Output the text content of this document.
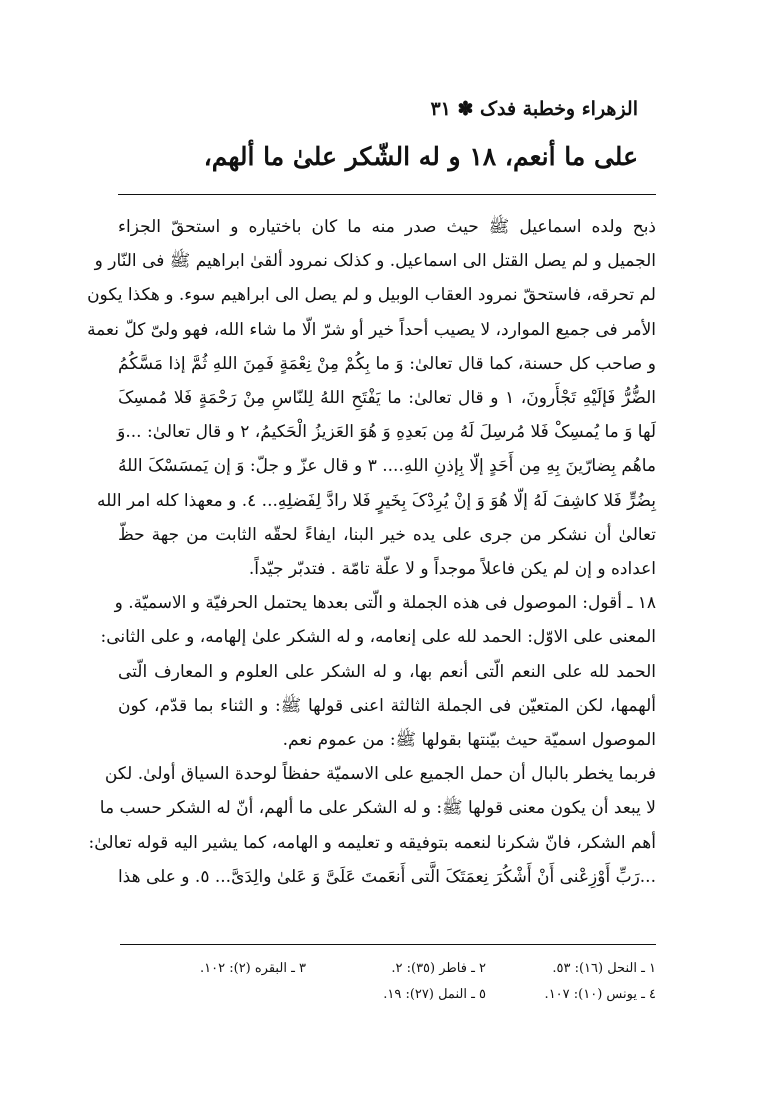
الزهراء وخطبة فدک ✽ ٣١
علی ما أنعم، ١٨ و له الشّکر علیٰ ما ألهم،
ذبح ولده اسماعیل ﷺ حیث صدر منه ما کان باختیاره و استحقّ الجزاء
الجمیل و لم یصل القتل الی اسماعیل. و کذلک نمرود ألقیٰ ابراهیم ﷺ فی النّار و
لم تحرقه، فاستحقّ نمرود العقاب الوبیل و لم یصل الی ابراهیم سوء. و هکذا یکون
الأمر فی جمیع الموارد، لا یصیب أحداً خیر أو شرّ الّا ما شاء الله، فهو ولیّ کلّ نعمة
و صاحب کل حسنة، کما قال تعالیٰ: وَ ما بِکُمْ مِنْ نِعْمَةٍ فَمِنَ اللهِ ثُمَّ إذا مَسَّکُمُ
الضُّرُّ فَإلَیْهِ تَجْأَرونَ، ١ و قال تعالیٰ: ما یَفْتَحِ اللهُ لِلنّاسِ مِنْ رَحْمَةٍ فَلا مُمسِکَ
لَها وَ ما یُمسِکْ فَلا مُرسِلَ لَهُ مِن بَعدِهِ وَ هُوَ العَزیزُ الْحَکیمُ، ٢ و قال تعالیٰ: ...وَ
ماهُم بِضارّینَ بِهِ مِن أَحَدٍ إلّا بِإذنِ اللهِ.... ٣ و قال عزّ و جلّ: وَ إن یَمسَسْکَ اللهُ
بِضُرٍّ فَلا کاشِفَ لَهُ إلّا هُوَ وَ إنْ یُرِدْکَ بِخَیرٍ فَلا رادَّ لِفَضلِهِ... ٤. و معهذا کله امر الله
تعالیٰ أن نشکر من جری علی یده خیر البنا، ایفاءً لحقّه الثابت من جهة حظّ
اعداده و إن لم یکن فاعلاً موجداً و لا علّة تامّة . فتدبّر جیّداً.
١٨ ـ أقول: الموصول فی هذه الجملة و الّتی بعدها یحتمل الحرفیّة و الاسمیّة. و
المعنی علی الاوّل: الحمد لله علی إنعامه، و له الشکر علیٰ إلهامه، و علی الثانی:
الحمد لله علی النعم الّتی أنعم بها، و له الشکر علی العلوم و المعارف الّتی
ألهمها، لکن المتعیّن فی الجملة الثالثة اعنی قولها ﷺ: و الثناء بما قدّم، کون
الموصول اسمیّة حیث بیّنتها بقولها ﷺ: من عموم نعم.
فربما یخطر بالبال أن حمل الجمیع علی الاسمیّة حفظاً لوحدة السیاق أولیٰ. لکن
لا یبعد أن یکون معنی قولها ﷺ: و له الشکر علی ما ألهم، أنّ له الشکر حسب ما
أهم الشکر، فانّ شکرنا لنعمه بتوفیقه و تعلیمه و الهامه، کما یشیر الیه قوله تعالیٰ:
...رَبِّ أَوْزِعْنی أَنْ أَشْکُرَ نِعمَتَکَ الَّتی أَنعَمتَ عَلَیَّ وَ عَلیٰ والِدَیَّ... ٥. و علی هذا
١ ـ النحل (١٦): ٥٣.
٢ ـ فاطر (٣٥): ٢.
٣ ـ البقره (٢): ١٠٢.
٤ ـ یونس (١٠): ١٠٧.
٥ ـ النمل (٢٧): ١٩.
